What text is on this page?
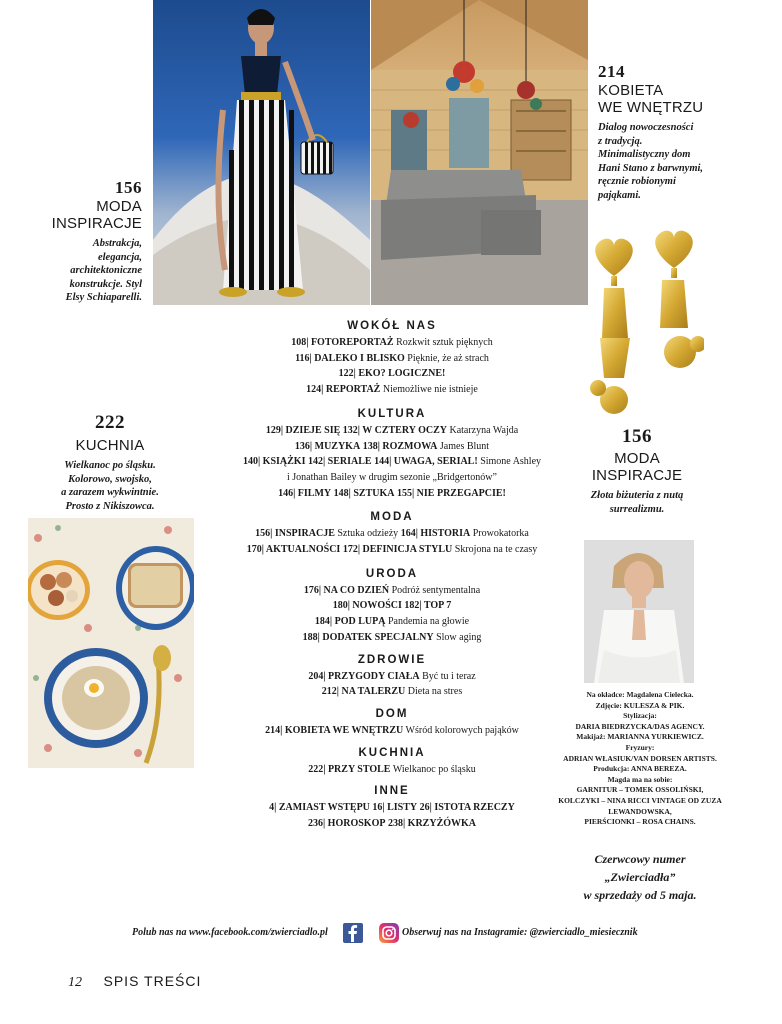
156
MODA
INSPIRACJE
Abstrakcja,
elegancja,
architektoniczne
konstrukcje. Styl
Elsy Schiaparelli.
214
KOBIETA
WE WNĘTRZU
Dialog nowoczesności
z tradycją.
Minimalistyczny dom
Hani Stano z barwnymi,
ręcznie robionymi
pająkami.
222
KUCHNIA
Wielkanoc po śląsku.
Kolorowo, swojsko,
a zarazem wykwintnie.
Prosto z Nikiszowca.
156
MODA
INSPIRACJE
Złota biżuteria z nutą
surrealizmu.
WOKÓŁ NAS
108| FOTOREPORTAŻ Rozkwit sztuk pięknych
116| DALEKO I BLISKO Pięknie, że aż strach
122| EKO? LOGICZNE!
124| REPORTAŻ Niemożliwe nie istnieje
KULTURA
129| DZIEJE SIĘ 132| W CZTERY OCZY Katarzyna Wajda
136| MUZYKA 138| ROZMOWA James Blunt
140| KSIĄŻKI 142| SERIALE 144| UWAGA, SERIAL! Simone Ashley
i Jonathan Bailey w drugim sezonie „Bridgertonów”
146| FILMY 148| SZTUKA 155| NIE PRZEGAPCIE!
MODA
156| INSPIRACJE Sztuka odzieży 164| HISTORIA Prowokatorka
170| AKTUALNOŚCI 172| DEFINICJA STYLU Skrojona na te czasy
URODA
176| NA CO DZIEŃ Podróż sentymentalna
180| NOWOŚCI 182| TOP 7
184| POD LUPĄ Pandemia na głowie
188| DODATEK SPECJALNY Slow aging
ZDROWIE
204| PRZYGODY CIAŁA Być tu i teraz
212| NA TALERZU Dieta na stres
DOM
214| KOBIETA WE WNĘTRZU Wśród kolorowych pająków
KUCHNIA
222| PRZY STOLE Wielkanoc po śląsku
INNE
4| ZAMIAST WSTĘPU 16| LISTY 26| ISTOTA RZECZY
236| HOROSKOP 238| KRZYŻÓWKA
Na okładce: Magdalena Cielecka.
Zdjęcie: KULESZA & PIK.
Stylizacja:
DARIA BIEDRZYCKA/DAS AGENCY.
Makijaż: MARIANNA YURKIEWICZ.
Fryzury:
ADRIAN WŁASIUK/VAN DORSEN ARTISTS.
Produkcja: ANNA BEREZA.
Magda ma na sobie:
GARNITUR – TOMEK OSSOLIŃSKI,
KOLCZYKI – NINA RICCI VINTAGE OD ZUZA
LEWANDOWSKA,
PIERŚCIONKI – ROSA CHAINS.
Czerwcowy numer
„Zwierciadła”
w sprzedaży od 5 maja.
Polub nas na www.facebook.com/zwierciadlo.pl	Obserwuj nas na Instagramie: @zwierciadlo_miesiecznik
12 SPIS TREŚCI
